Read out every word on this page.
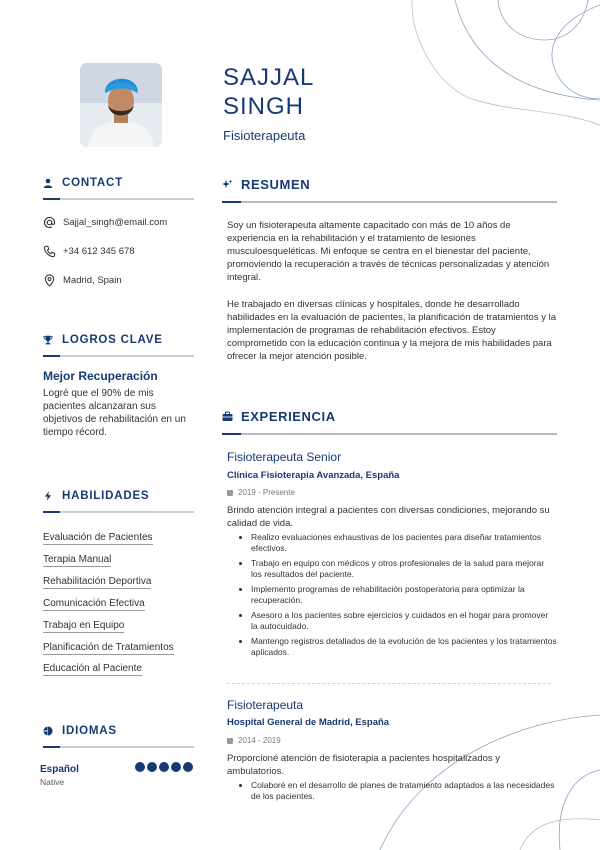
SAJJAL
SINGH
Fisioterapeuta
CONTACT
Sajjal_singh@email.com
+34 612 345 678
Madrid, Spain
LOGROS CLAVE
Mejor Recuperación
Logré que el 90% de mis pacientes alcanzaran sus objetivos de rehabilitación en un tiempo récord.
HABILIDADES
Evaluación de Pacientes
Terapia Manual
Rehabilitación Deportiva
Comunicación Efectiva
Trabajo en Equipo
Planificación de Tratamientos
Educación al Paciente
IDIOMAS
Español
Native
RESUMEN

Soy un fisioterapeuta altamente capacitado con más de 10 años de experiencia en la rehabilitación y el tratamiento de lesiones musculoesqueléticas. Mi enfoque se centra en el bienestar del paciente, promoviendo la recuperación a través de técnicas personalizadas y atención integral.

He trabajado en diversas clínicas y hospitales, donde he desarrollado habilidades en la evaluación de pacientes, la planificación de tratamientos y la implementación de programas de rehabilitación efectivos. Estoy comprometido con la educación continua y la mejora de mis habilidades para ofrecer la mejor atención posible.

EXPERIENCIA
Fisioterapeuta Senior
Clínica Fisioterapia Avanzada, España
2019 - Presente

Brindo atención integral a pacientes con diversas condiciones, mejorando su calidad de vida.

Realizo evaluaciones exhaustivas de los pacientes para diseñar tratamientos efectivos.
Trabajo en equipo con médicos y otros profesionales de la salud para mejorar los resultados del paciente.
Implemento programas de rehabilitación postoperatoria para optimizar la recuperación.
Asesoro a los pacientes sobre ejercicios y cuidados en el hogar para promover la autocuidado.
Mantengo registros detallados de la evolución de los pacientes y los tratamientos aplicados.
Fisioterapeuta
Hospital General de Madrid, España
2014 - 2019

Proporcioné atención de fisioterapia a pacientes hospitalizados y ambulatorios.

Colaboré en el desarrollo de planes de tratamiento adaptados a las necesidades de los pacientes.
